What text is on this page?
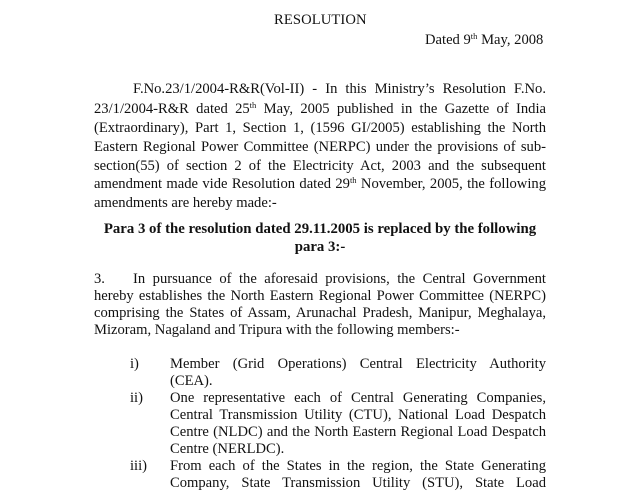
RESOLUTION
Dated 9th May, 2008
F.No.23/1/2004-R&R(Vol-II) - In this Ministry’s Resolution F.No.
23/1/2004-R&R dated 25th May, 2005 published in the Gazette of India
(Extraordinary), Part 1, Section 1, (1596 GI/2005) establishing the North
Eastern Regional Power Committee (NERPC) under the provisions of sub-
section(55) of section 2 of the Electricity Act, 2003 and the subsequent
amendment made vide Resolution dated 29th November, 2005, the following
amendments are hereby made:-
Para 3 of the resolution dated 29.11.2005 is replaced by the following
para 3:-
3. In pursuance of the aforesaid provisions, the Central Government
hereby establishes the North Eastern Regional Power Committee (NERPC)
comprising the States of Assam, Arunachal Pradesh, Manipur, Meghalaya,
Mizoram, Nagaland and Tripura with the following members:-
i) Member (Grid Operations) Central Electricity Authority
(CEA).
ii) One representative each of Central Generating Companies,
Central Transmission Utility (CTU), National Load Despatch
Centre (NLDC) and the North Eastern Regional Load Despatch
Centre (NERLDC).
iii) From each of the States in the region, the State Generating
Company, State Transmission Utility (STU), State Load
